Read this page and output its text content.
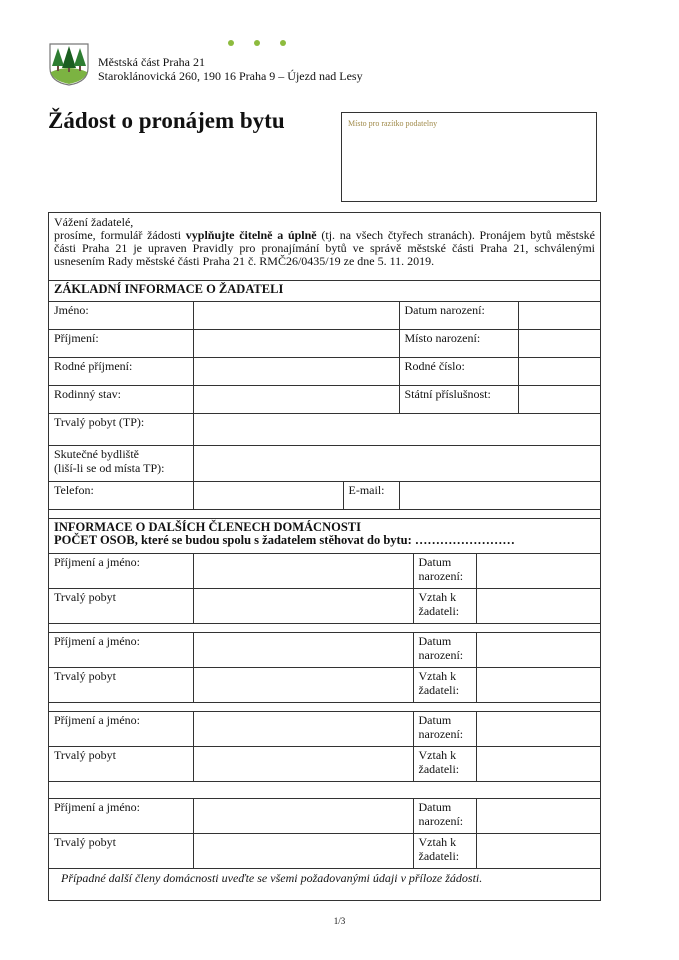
Městská část Praha 21
Staroklánovická 260, 190 16 Praha 9 – Újezd nad Lesy
Žádost o pronájem bytu	Místo pro razítko podatelny
Vážení žadatelé,
prosíme, formulář žádosti vyplňujte čitelně a úplně (tj. na všech čtyřech stranách). Pronájem bytů městské části Praha 21 je upraven Pravidly pro pronajímání bytů ve správě městské části Praha 21, schválenými usnesením Rady městské části Praha 21 č. RMČ26/0435/19 ze dne 5. 11. 2019.
ZÁKLADNÍ INFORMACE O ŽADATELI
Jméno:			Datum narození:	
Příjmení:			Místo narození:	
Rodné příjmení:			Rodné číslo:	
Rodinný stav:			Státní příslušnost:	
Trvalý pobyt (TP):				

Skutečné bydliště
(liší-li se od místa TP):				

Telefon:		E-mail:		
INFORMACE O DALŠÍCH ČLENECH DOMÁCNOSTI
POČET OSOB, které se budou spolu s žadatelem stěhovat do bytu: ……………………
Příjmení a jméno:		Datum
narození:	

Trvalý pobyt		Vztah k
žadateli:	

Příjmení a jméno:		Datum
narození:	

Trvalý pobyt		Vztah k
žadateli:	

Příjmení a jméno:		Datum
narození:	

Trvalý pobyt		Vztah k
žadateli:	

Příjmení a jméno:		Datum
narození:	

Trvalý pobyt		Vztah k
žadateli:	

Případné další členy domácnosti uveďte se všemi požadovanými údaji v příloze žádosti.
1/3
